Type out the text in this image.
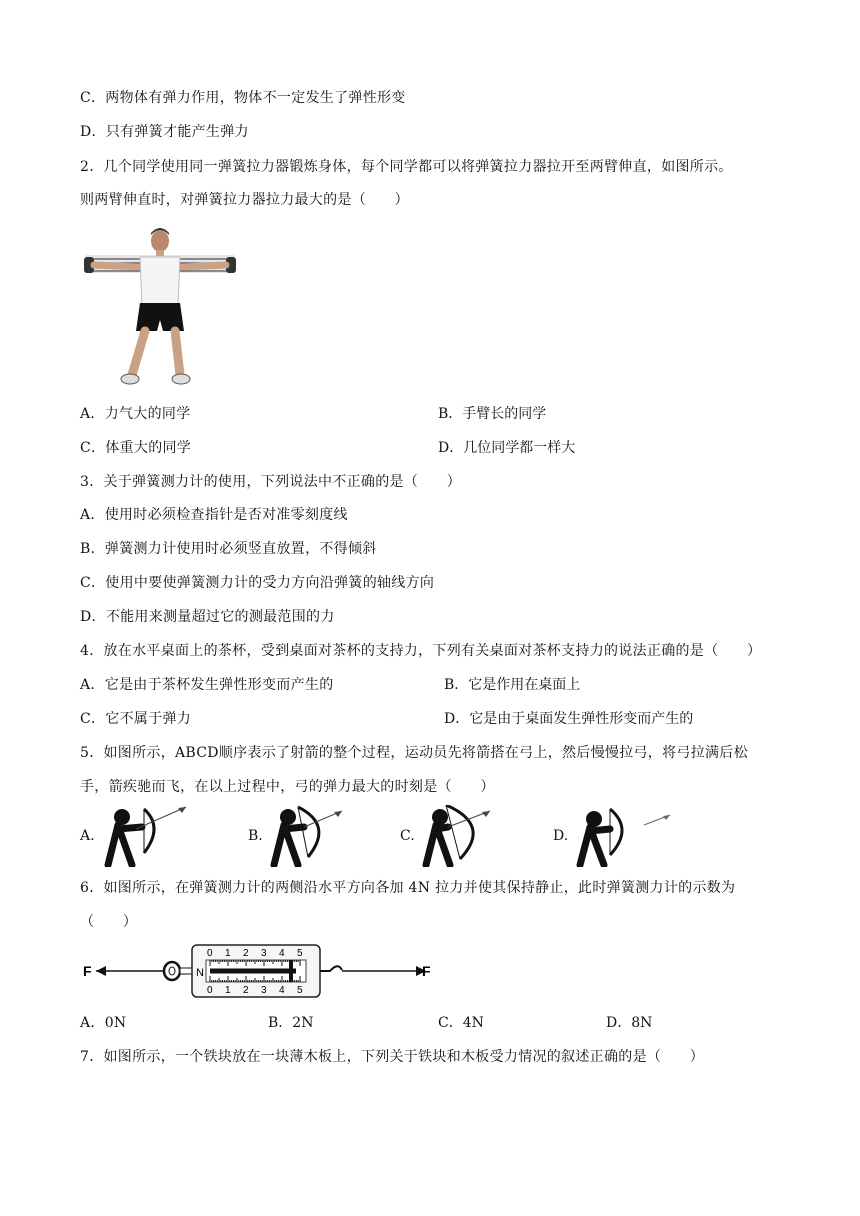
C．两物体有弹力作用，物体不一定发生了弹性形变
D．只有弹簧才能产生弹力
2．几个同学使用同一弹簧拉力器锻炼身体，每个同学都可以将弹簧拉力器拉开至两臂伸直，如图所示。
则两臂伸直时，对弹簧拉力器拉力最大的是（　　）
A．力气大的同学	B．手臂长的同学
C．体重大的同学	D．几位同学都一样大
3．关于弹簧测力计的使用，下列说法中不正确的是（　　）
A．使用时必须检查指针是否对准零刻度线
B．弹簧测力计使用时必须竖直放置，不得倾斜
C．使用中要使弹簧测力计的受力方向沿弹簧的轴线方向
D．不能用来测量超过它的测最范围的力
4．放在水平桌面上的茶杯，受到桌面对茶杯的支持力，下列有关桌面对茶杯支持力的说法正确的是（　　）
A．它是由于茶杯发生弹性形变而产生的	B．它是作用在桌面上
C．它不属于弹力	D．它是由于桌面发生弹性形变而产生的
5．如图所示，ABCD顺序表示了射箭的整个过程，运动员先将箭搭在弓上，然后慢慢拉弓，将弓拉满后松
手，箭疾驰而飞，在以上过程中，弓的弹力最大的时刻是（　　）
A.	B.	C.	D.
6．如图所示，在弹簧测力计的两侧沿水平方向各加 4N 拉力并使其保持静止，此时弹簧测力计的示数为
（　　）
F	N
0 1 2 3 4 5
0 1 2 3 4 5
F
A．0N	B．2N	C．4N	D．8N
7．如图所示，一个铁块放在一块薄木板上，下列关于铁块和木板受力情况的叙述正确的是（　　）
